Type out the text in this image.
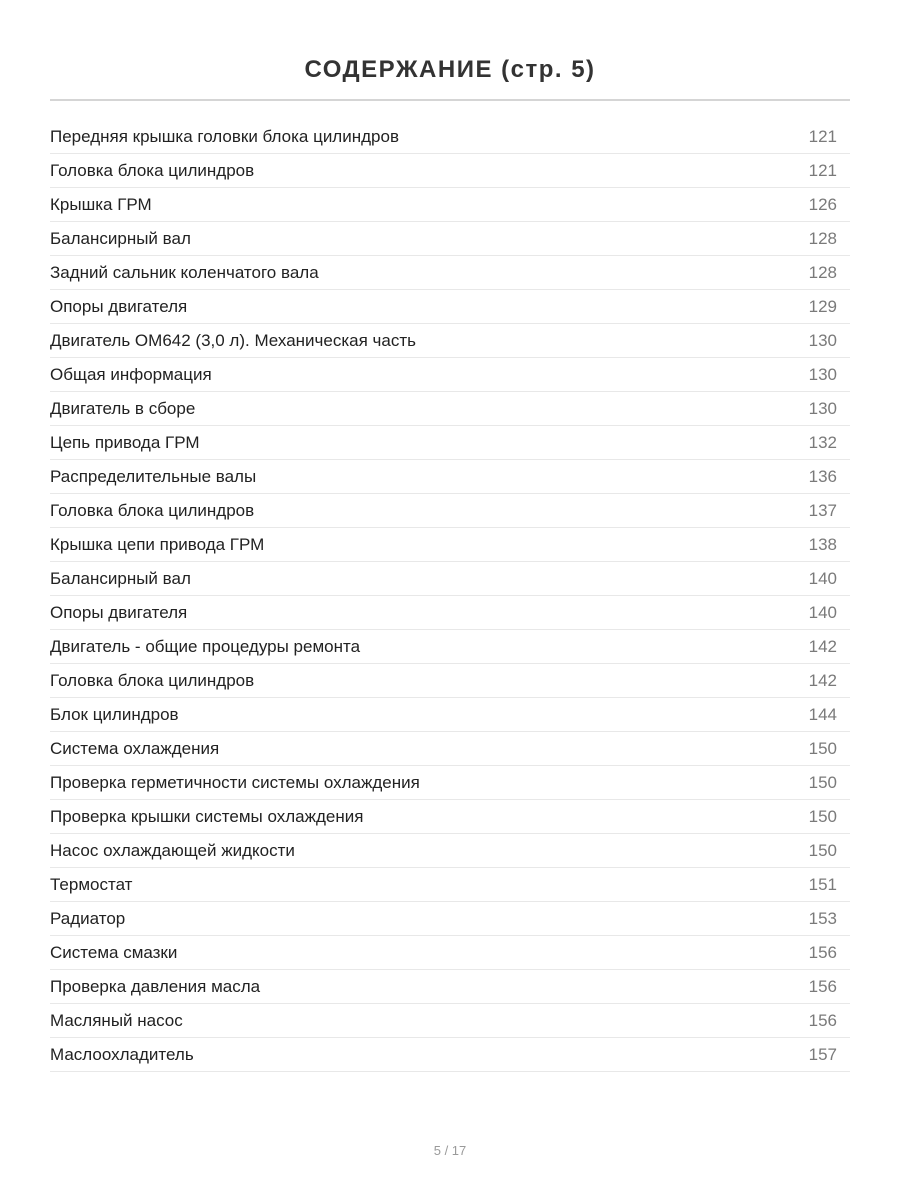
СОДЕРЖАНИЕ (стр. 5)
Передняя крышка головки блока цилиндров	121
Головка блока цилиндров	121
Крышка ГРМ	126
Балансирный вал	128
Задний сальник коленчатого вала	128
Опоры двигателя	129
Двигатель OM642 (3,0 л). Механическая часть	130
Общая информация	130
Двигатель в сборе	130
Цепь привода ГРМ	132
Распределительные валы	136
Головка блока цилиндров	137
Крышка цепи привода ГРМ	138
Балансирный вал	140
Опоры двигателя	140
Двигатель - общие процедуры ремонта	142
Головка блока цилиндров	142
Блок цилиндров	144
Система охлаждения	150
Проверка герметичности системы охлаждения	150
Проверка крышки системы охлаждения	150
Насос охлаждающей жидкости	150
Термостат	151
Радиатор	153
Система смазки	156
Проверка давления масла	156
Масляный насос	156
Маслоохладитель	157
5 / 17
